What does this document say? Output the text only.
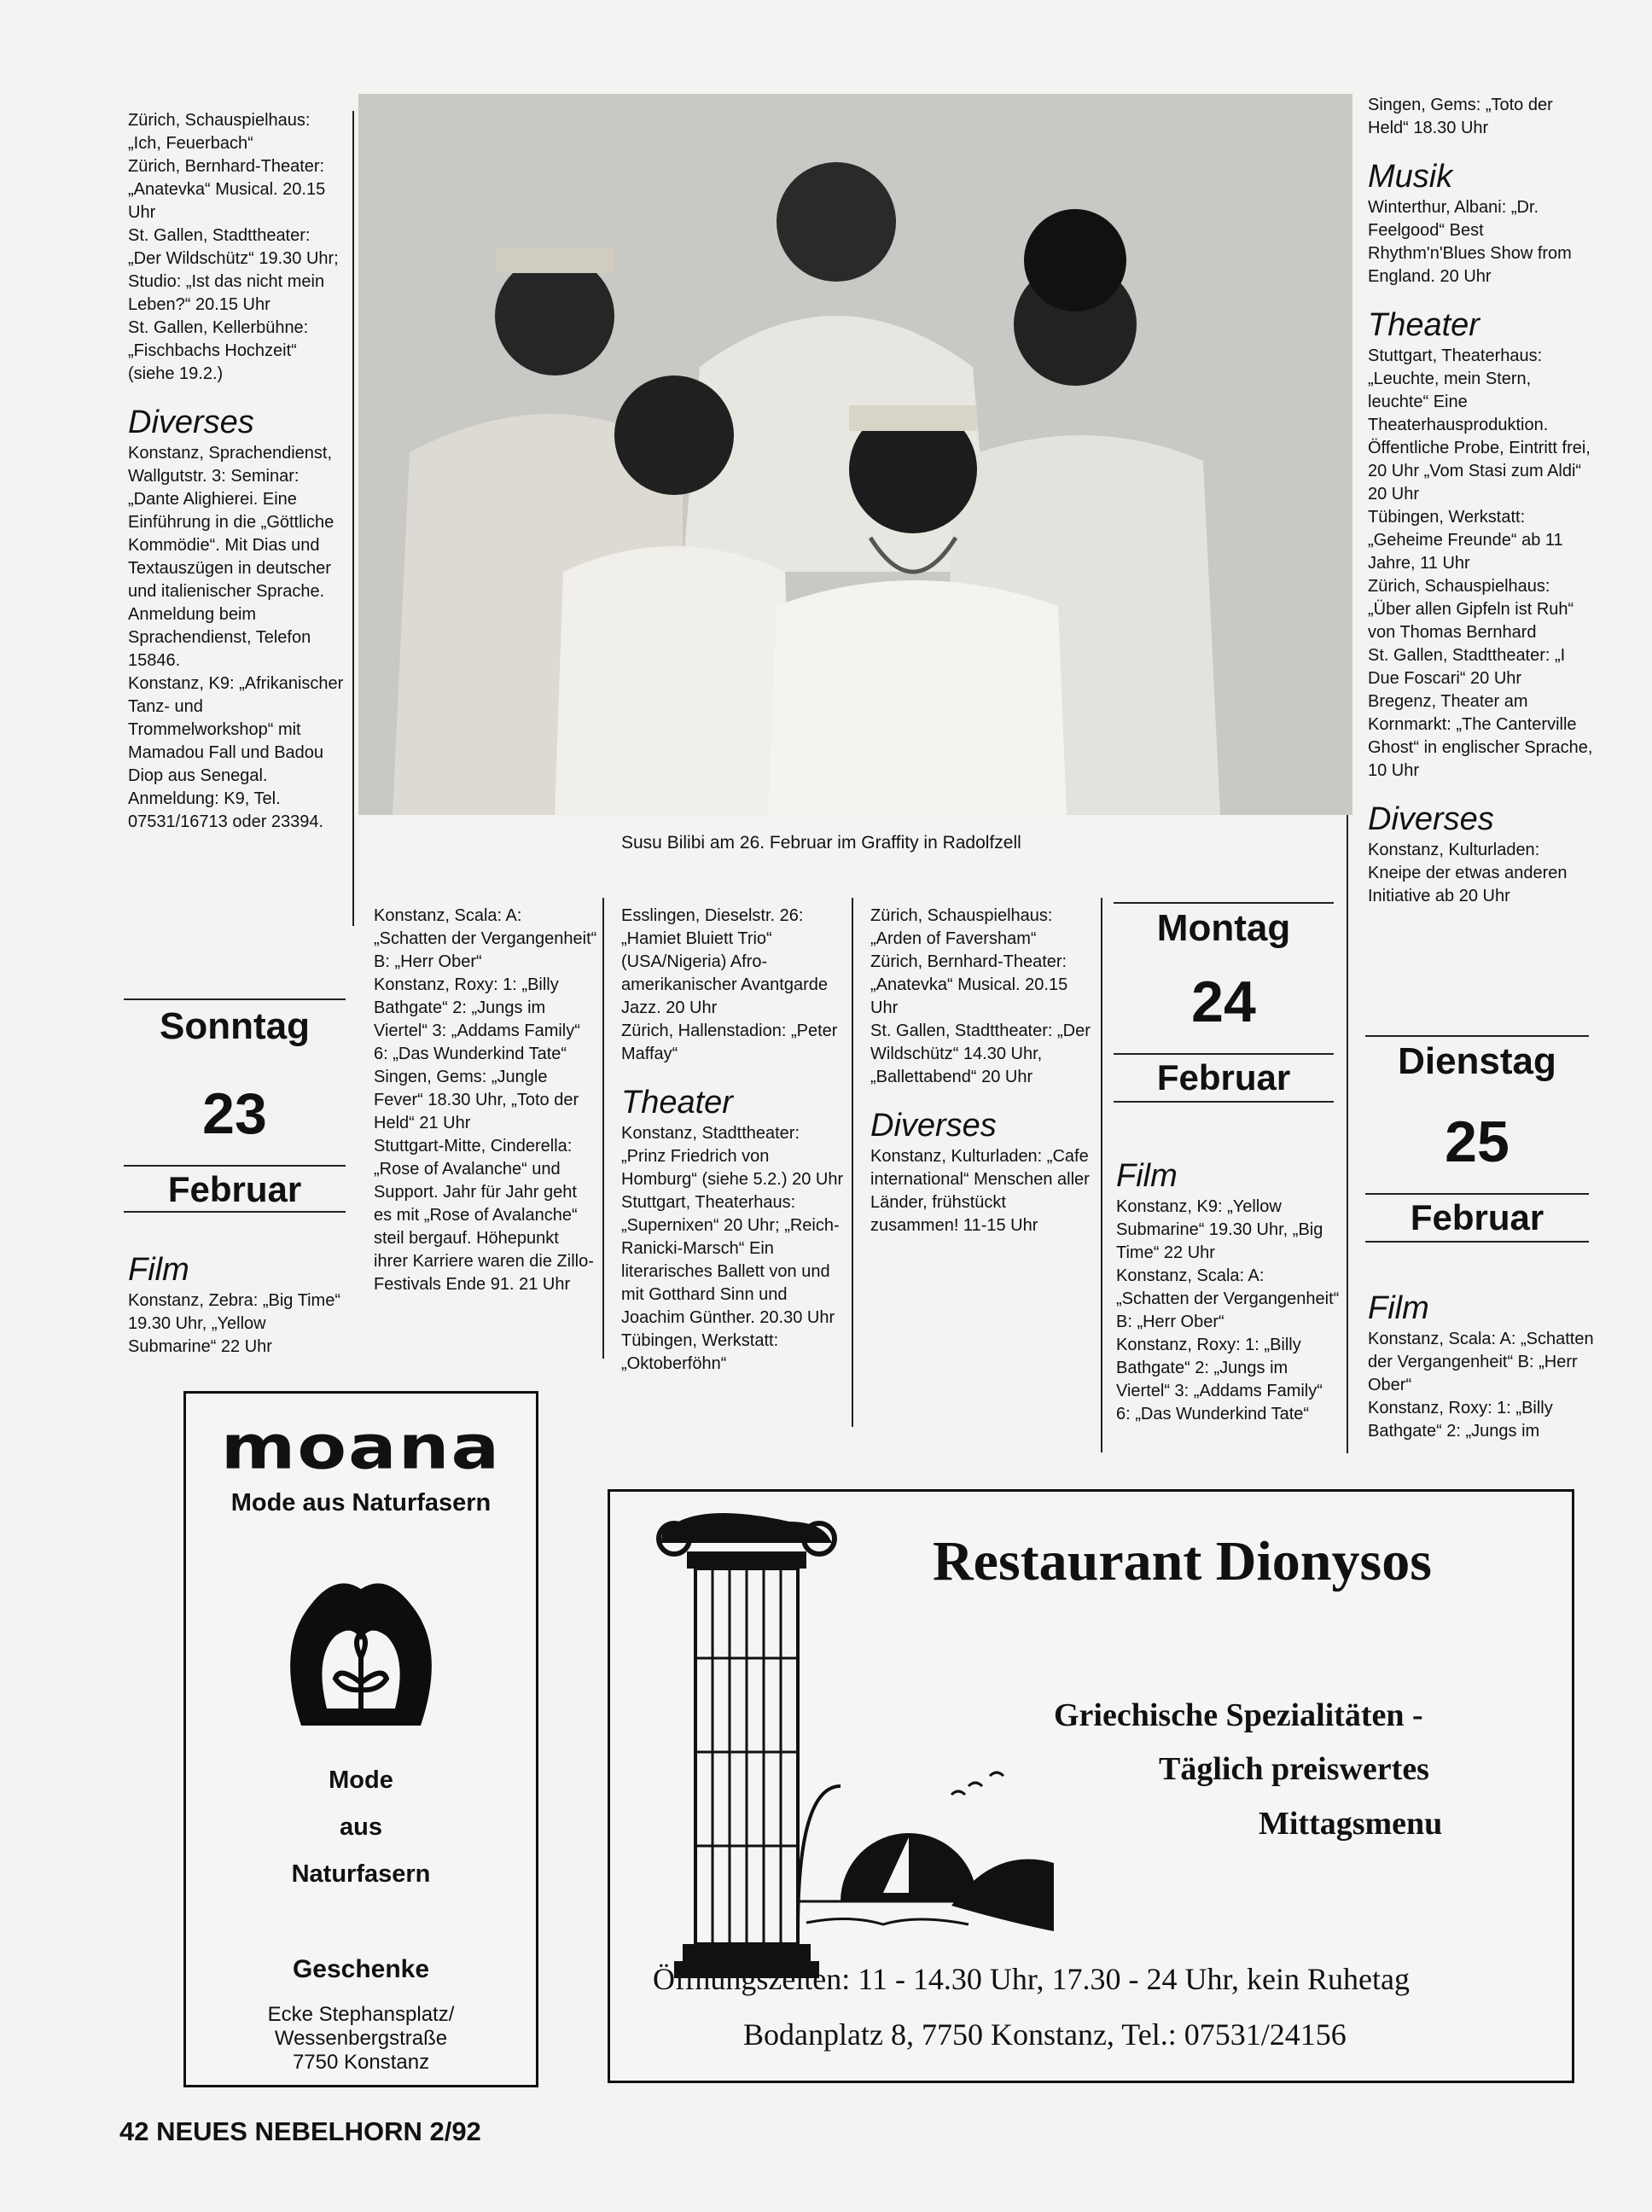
Zürich, Schauspielhaus: „Ich, Feuerbach“
Zürich, Bernhard-Theater: „Anatevka“ Musical. 20.15 Uhr
St. Gallen, Stadttheater: „Der Wildschütz“ 19.30 Uhr; Studio: „Ist das nicht mein Leben?“ 20.15 Uhr
St. Gallen, Kellerbühne: „Fischbachs Hochzeit“ (siehe 19.2.)

Diverses

Konstanz, Sprachendienst, Wallgutstr. 3: Seminar: „Dante Alighierei. Eine Einführung in die „Göttliche Kommödie“. Mit Dias und Textauszügen in deutscher und italienischer Sprache. Anmeldung beim Sprachendienst, Telefon 15846.
Konstanz, K9: „Afrikanischer Tanz- und Trommelworkshop“ mit Mamadou Fall und Badou Diop aus Senegal. Anmeldung: K9, Tel. 07531/16713 oder 23394.

Film

Konstanz, Zebra: „Big Time“ 19.30 Uhr, „Yellow Submarine“ 22 Uhr

Sonntag
23
Februar
Susu Bilibi am 26. Februar im Graffity in Radolfzell

Konstanz, Scala: A: „Schatten der Vergangenheit“ B: „Herr Ober“
Konstanz, Roxy: 1: „Billy Bathgate“ 2: „Jungs im Viertel“ 3: „Addams Family“ 6: „Das Wunderkind Tate“
Singen, Gems: „Jungle Fever“ 18.30 Uhr, „Toto der Held“ 21 Uhr
Stuttgart-Mitte, Cinderella: „Rose of Avalanche“ und Support. Jahr für Jahr geht es mit „Rose of Avalanche“ steil bergauf. Höhepunkt ihrer Karriere waren die Zillo-Festivals Ende 91. 21 Uhr

Esslingen, Dieselstr. 26: „Hamiet Bluiett Trio“ (USA/Nigeria) Afro-amerikanischer Avantgarde Jazz. 20 Uhr
Zürich, Hallenstadion: „Peter Maffay“

Theater

Konstanz, Stadttheater: „Prinz Friedrich von Homburg“ (siehe 5.2.) 20 Uhr
Stuttgart, Theaterhaus: „Supernixen“ 20 Uhr; „Reich-Ranicki-Marsch“ Ein literarisches Ballett von und mit Gotthard Sinn und Joachim Günther. 20.30 Uhr
Tübingen, Werkstatt: „Oktoberföhn“

Zürich, Schauspielhaus: „Arden of Faversham“
Zürich, Bernhard-Theater: „Anatevka“ Musical. 20.15 Uhr
St. Gallen, Stadttheater: „Der Wildschütz“ 14.30 Uhr, „Ballettabend“ 20 Uhr

Diverses

Konstanz, Kulturladen: „Cafe international“ Menschen aller Länder, frühstückt zusammen! 11-15 Uhr

Montag
24
Februar
Film

Konstanz, K9: „Yellow Submarine“ 19.30 Uhr, „Big Time“ 22 Uhr
Konstanz, Scala: A: „Schatten der Vergangenheit“ B: „Herr Ober“
Konstanz, Roxy: 1: „Billy Bathgate“ 2: „Jungs im Viertel“ 3: „Addams Family“ 6: „Das Wunderkind Tate“

Singen, Gems: „Toto der Held“ 18.30 Uhr

Musik

Winterthur, Albani: „Dr. Feelgood“ Best Rhythm'n'Blues Show from England. 20 Uhr

Theater

Stuttgart, Theaterhaus: „Leuchte, mein Stern, leuchte“ Eine Theaterhausproduktion. Öffentliche Probe, Eintritt frei, 20 Uhr „Vom Stasi zum Aldi“ 20 Uhr
Tübingen, Werkstatt: „Geheime Freunde“ ab 11 Jahre, 11 Uhr
Zürich, Schauspielhaus: „Über allen Gipfeln ist Ruh“ von Thomas Bernhard
St. Gallen, Stadttheater: „I Due Foscari“ 20 Uhr
Bregenz, Theater am Kornmarkt: „The Canterville Ghost“ in englischer Sprache, 10 Uhr

Diverses

Konstanz, Kulturladen: Kneipe der etwas anderen Initiative ab 20 Uhr

Dienstag
25
Februar
Film

Konstanz, Scala: A: „Schatten der Vergangenheit“ B: „Herr Ober“
Konstanz, Roxy: 1: „Billy Bathgate“ 2: „Jungs im

moana
Mode aus Naturfasern
Mode
aus
Naturfasern
Geschenke
Ecke Stephansplatz/
Wessenbergstraße
7750 Konstanz
Restaurant Dionysos
Griechische Spezialitäten -
Täglich preiswertes
Mittagsmenu
Öffnungszeiten: 11 - 14.30 Uhr, 17.30 - 24 Uhr, kein Ruhetag
Bodanplatz 8, 7750 Konstanz, Tel.: 07531/24156
42 NEUES NEBELHORN 2/92
